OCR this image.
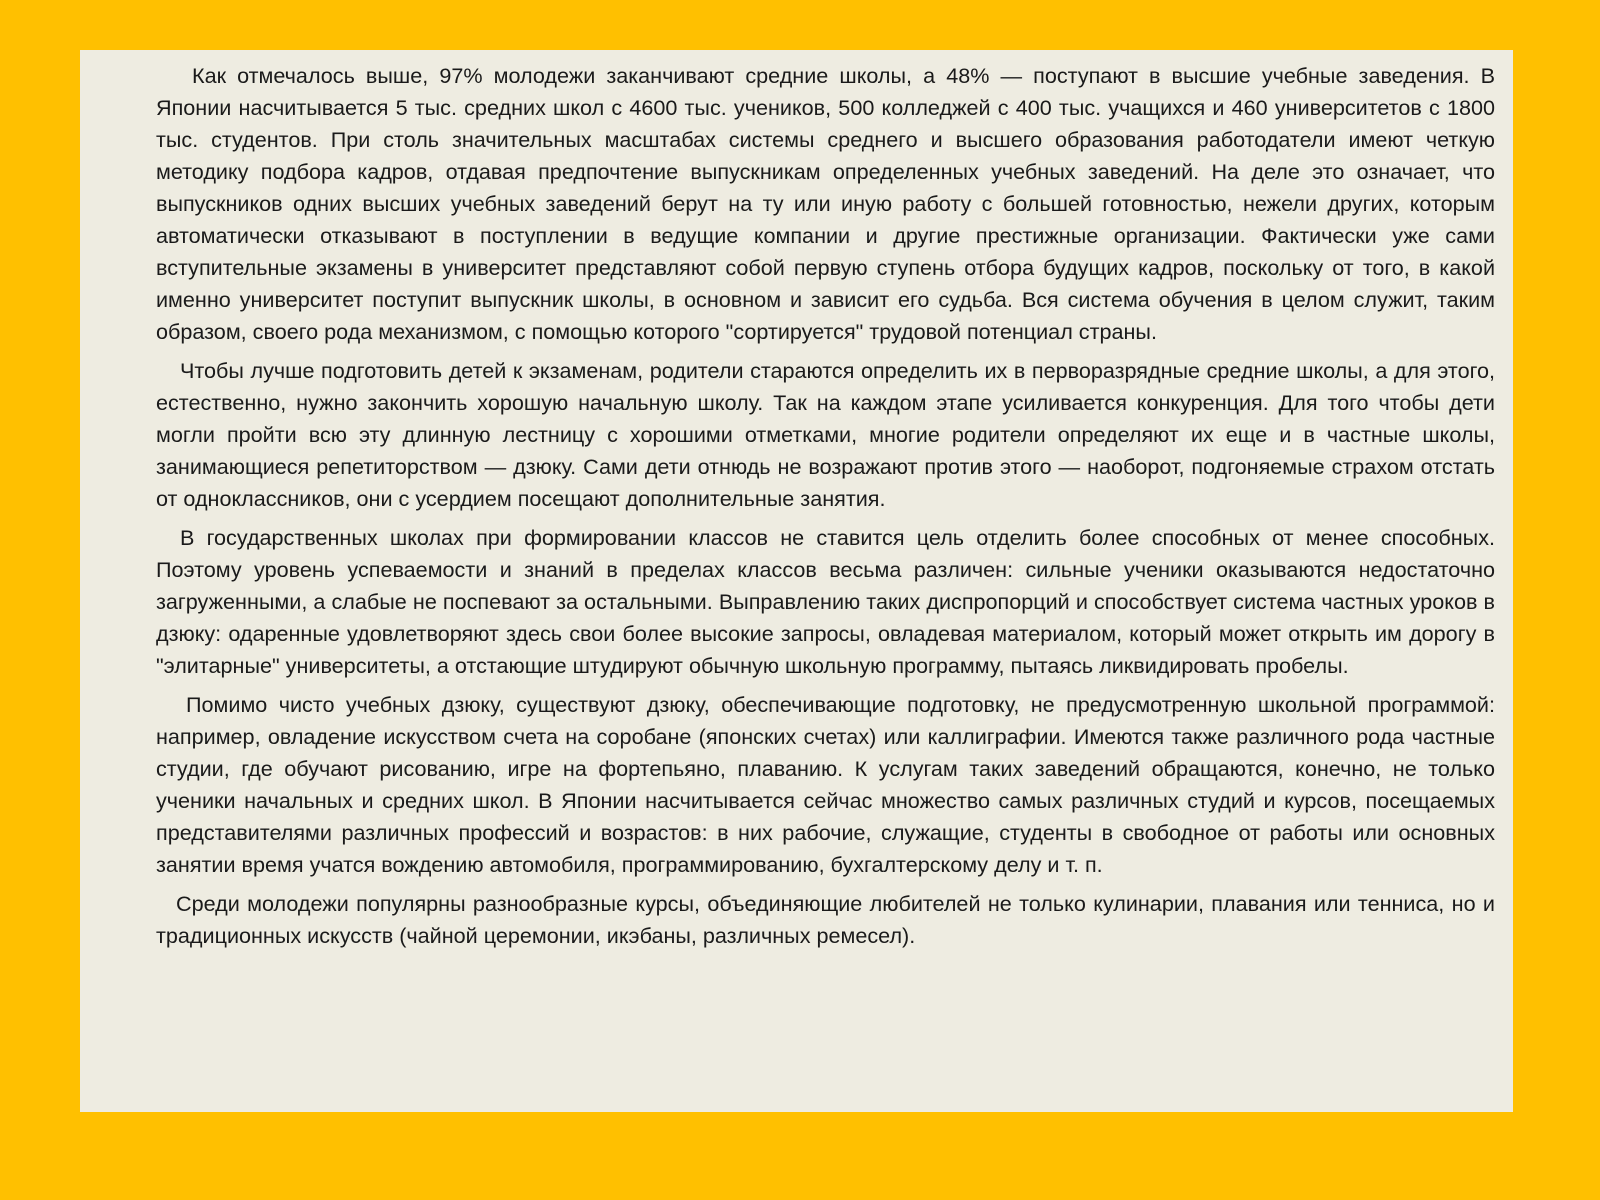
Как отмечалось выше, 97% молодежи заканчивают средние школы, а 48% — поступают в высшие учебные заведения. В Японии насчитывается 5 тыс. средних школ с 4600 тыс. учеников, 500 колледжей с 400 тыс. учащихся и 460 университетов с 1800 тыс. студентов. При столь значительных масштабах системы среднего и высшего образования работодатели имеют четкую методику подбора кадров, отдавая предпочтение выпускникам определенных учебных заведений. На деле это означает, что выпускников одних высших учебных заведений берут на ту или иную работу с большей готовностью, нежели других, которым автоматически отказывают в поступлении в ведущие компании и другие престижные организации. Фактически уже сами вступительные экзамены в университет представляют собой первую ступень отбора будущих кадров, поскольку от того, в какой именно университет поступит выпускник школы, в основном и зависит его судьба. Вся система обучения в целом служит, таким образом, своего рода механизмом, с помощью которого "сортируется" трудовой потенциал страны.

Чтобы лучше подготовить детей к экзаменам, родители стараются определить их в перворазрядные средние школы, а для этого, естественно, нужно закончить хорошую начальную школу. Так на каждом этапе усиливается конкуренция. Для того чтобы дети могли пройти всю эту длинную лестницу с хорошими отметками, многие родители определяют их еще и в частные школы, занимающиеся репетиторством — дзюку. Сами дети отнюдь не возражают против этого — наоборот, подгоняемые страхом отстать от одноклассников, они с усердием посещают дополнительные занятия.

В государственных школах при формировании классов не ставится цель отделить более способных от менее способных. Поэтому уровень успеваемости и знаний в пределах классов весьма различен: сильные ученики оказываются недостаточно загруженными, а слабые не поспевают за остальными. Выправлению таких диспропорций и способствует система частных уроков в дзюку: одаренные удовлетворяют здесь свои более высокие запросы, овладевая материалом, который может открыть им дорогу в "элитарные" университеты, а отстающие штудируют обычную школьную программу, пытаясь ликвидировать пробелы.

Помимо чисто учебных дзюку, существуют дзюку, обеспечивающие подготовку, не предусмотренную школьной программой: например, овладение искусством счета на соробане (японских счетах) или каллиграфии. Имеются также различного рода частные студии, где обучают рисованию, игре на фортепьяно, плаванию. К услугам таких заведений обращаются, конечно, не только ученики начальных и средних школ. В Японии насчитывается сейчас множество самых различных студий и курсов, посещаемых представителями различных профессий и возрастов: в них рабочие, служащие, студенты в свободное от работы или основных занятии время учатся вождению автомобиля, программированию, бухгалтерскому делу и т. п.

Среди молодежи популярны разнообразные курсы, объединяющие любителей не только кулинарии, плавания или тенниса, но и традиционных искусств (чайной церемонии, икэбаны, различных ремесел).
